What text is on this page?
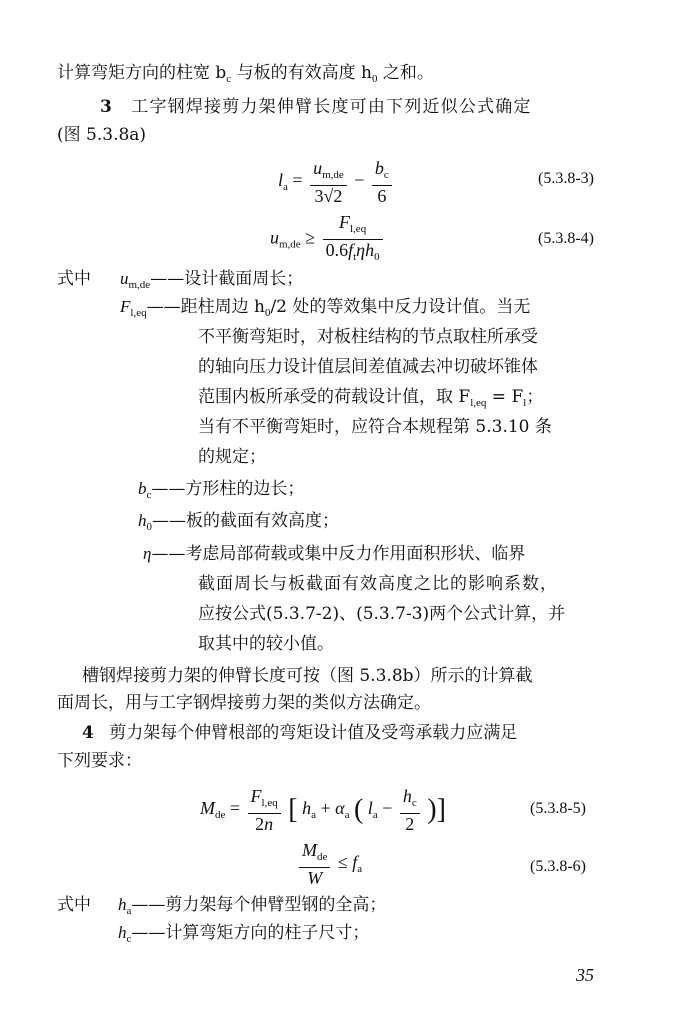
计算弯矩方向的柱宽 $b_c$ 与板的有效高度 $h_0$ 之和。
3 工字钢焊接剪力架伸臂长度可由下列近似公式确定
(图 5.3.8a)
$l_a = \frac{u_{m,de}}{3√2} - \frac{b_c}{6}$	(5.3.8-3)
$u_{m,de} \ge \frac{F_{l,eq}}{0.6f_t\eta h_0}$	(5.3.8-4)
式中 $u_{m,de}——$设计截面周长；
$F_{l,eq}——$距柱周边 $h_0/2$ 处的等效集中反力设计值。当无
不平衡弯矩时，对板柱结构的节点取柱所承受
的轴向压力设计值层间差值减去冲切破坏锥体
范围内板所承受的荷载设计值，取 $F_{l,eq} = F_l$；
当有不平衡弯矩时，应符合本规程第 5.3.10 条
的规定；
$b_c——$方形柱的边长；
$h_0——$板的截面有效高度；
η——考虑局部荷载或集中反力作用面积形状、临界
截面周长与板截面有效高度之比的影响系数，
应按公式(5.3.7-2)、(5.3.7-3)两个公式计算，并
取其中的较小值。
槽钢焊接剪力架的伸臂长度可按（图 5.3.8b）所示的计算截
面周长，用与工字钢焊接剪力架的类似方法确定。
4 剪力架每个伸臂根部的弯矩设计值及受弯承载力应满足
下列要求：
$M_{de} = \frac{F_{l,eq}}{2n}$ [ $h_a + \alpha_a$ ( $l_a - \frac{h_c}{2}$ )]	(5.3.8-5)
$\frac{M_{de}}{W} \le f_a$	(5.3.8-6)
式中 $h_a——$剪力架每个伸臂型钢的全高；
$h_c——$计算弯矩方向的柱子尺寸；
35
